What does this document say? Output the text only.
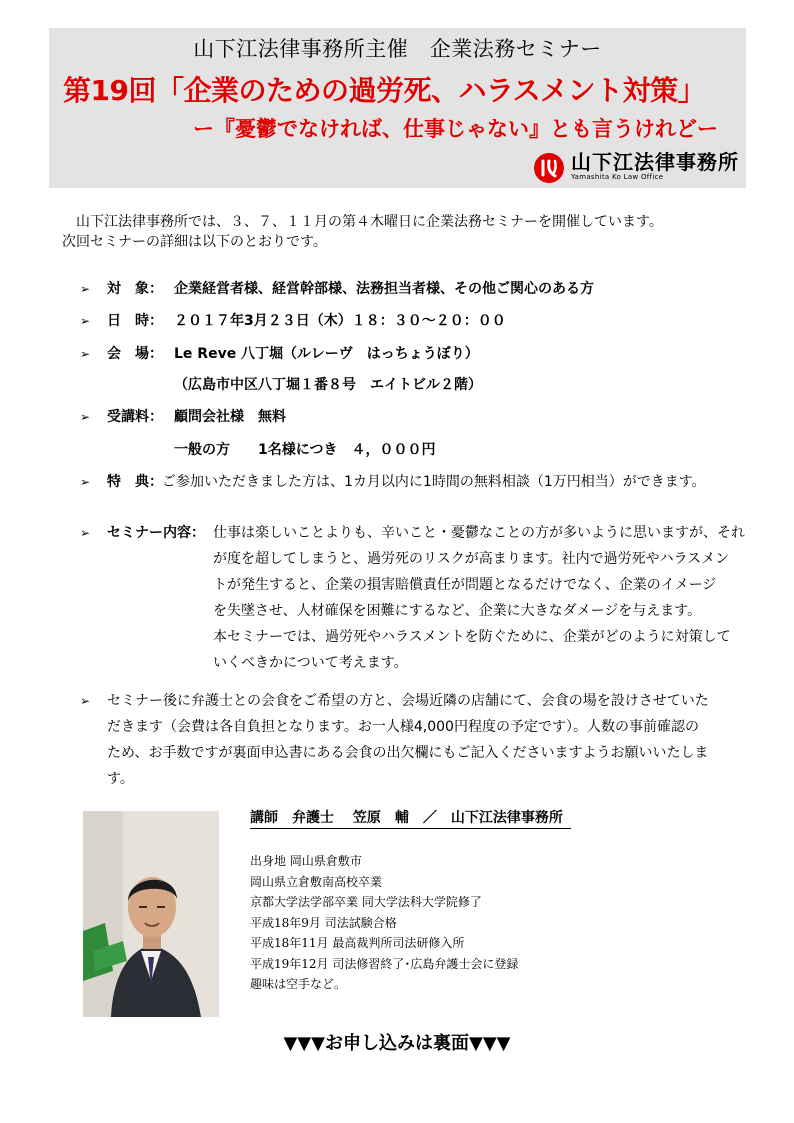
山下江法律事務所主催　企業法務セミナー
第19回「企業のための過労死、ハラスメント対策」
ー『憂鬱でなければ、仕事じゃない』とも言うけれどー
山下江法律事務所
Yamashita Ko Law Office

山下江法律事務所では、３、７、１１月の第４木曜日に企業法務セミナーを開催しています。

次回セミナーの詳細は以下のとおりです。

➢ 対　象： 企業経営者様、経営幹部様、法務担当者様、その他ご関心のある方
➢ 日　時： ２０１７年3月２３日（木）１８：３０～２０：００
➢ 会　場： Le Reve 八丁堀（ルレーヴ　はっちょうぼり）
（広島市中区八丁堀１番８号　エイトビル２階）
➢ 受講料： 顧問会社様　無料
一般の方　　1名様につき　４，０００円
➢ 特　典： ご参加いただきました方は、1カ月以内に1時間の無料相談（1万円相当）ができます。
➢ セミナー内容： 仕事は楽しいことよりも、辛いこと・憂鬱なことの方が多いように思いますが、それ

が度を超してしまうと、過労死のリスクが高まります。社内で過労死やハラスメン

トが発生すると、企業の損害賠償責任が問題となるだけでなく、企業のイメージ

を失墜させ、人材確保を困難にするなど、企業に大きなダメージを与えます。

本セミナーでは、過労死やハラスメントを防ぐために、企業がどのように対策して

いくべきかについて考えます。

➢ セミナー後に弁護士との会食をご希望の方と、会場近隣の店舗にて、会食の場を設けさせていた
だきます（会費は各自負担となります。お一人様4,000円程度の予定です）。人数の事前確認の
ため、お手数ですが裏面申込書にある会食の出欠欄にもご記入くださいますようお願いいたしま
す。
講師　弁護士　 笠原　輔　／　山下江法律事務所
出身地 岡山県倉敷市
岡山県立倉敷南高校卒業
京都大学法学部卒業 同大学法科大学院修了
平成18年9月 司法試験合格
平成18年11月 最高裁判所司法研修入所
平成19年12月 司法修習終了･広島弁護士会に登録
趣味は空手など。
▼▼▼お申し込みは裏面▼▼▼
